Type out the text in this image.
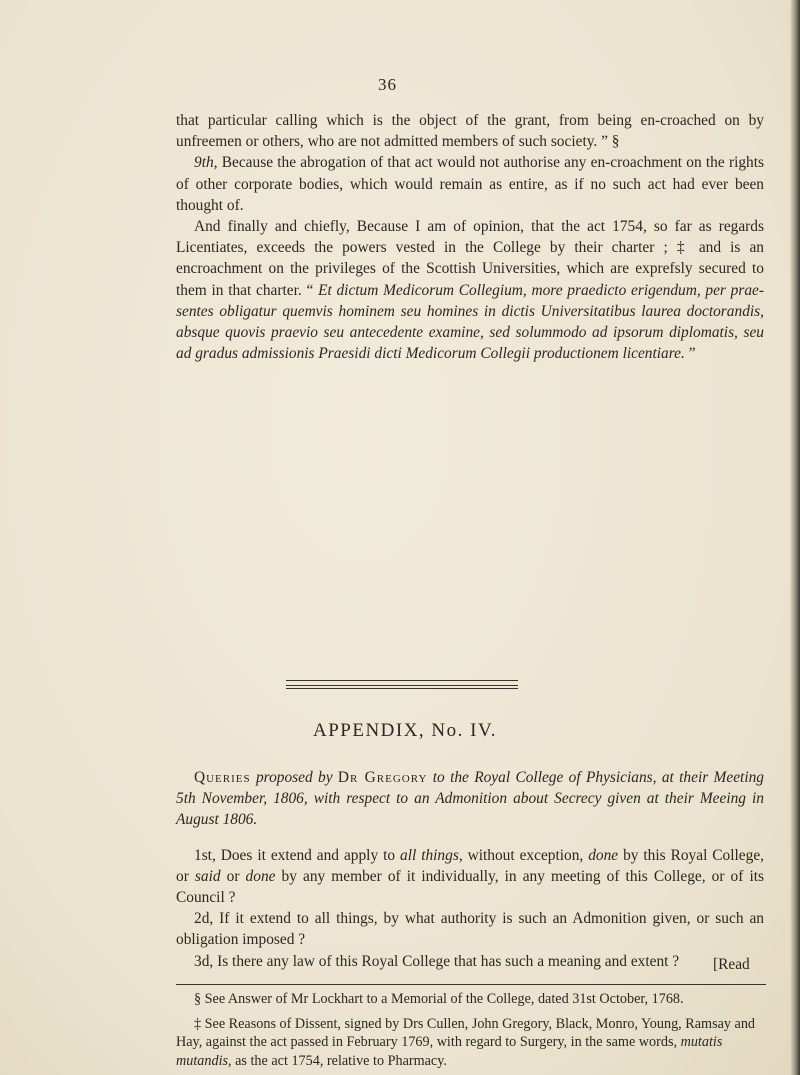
36

that particular calling which is the object of the grant, from being en-croached on by unfreemen or others, who are not admitted members of such society. ” §

9th, Because the abrogation of that act would not authorise any en-croachment on the rights of other corporate bodies, which would remain as entire, as if no such act had ever been thought of.

And finally and chiefly, Because I am of opinion, that the act 1754, so far as regards Licentiates, exceeds the powers vested in the College by their charter ; ‡ and is an encroachment on the privileges of the Scottish Universities, which are exprefsly secured to them in that charter. “ Et dictum Medicorum Collegium, more praedicto erigendum, per prae-sentes obligatur quemvis hominem seu homines in dictis Universitatibus laurea doctorandis, absque quovis praevio seu antecedente examine, sed solummodo ad ipsorum diplomatis, seu ad gradus admissionis Praesidi dicti Medicorum Collegii productionem licentiare. ”

APPENDIX, No. IV.

Queries proposed by Dr Gregory to the Royal College of Physicians, at their Meeting 5th November, 1806, with respect to an Admonition about Secrecy given at their Meeing in August 1806.

1st, Does it extend and apply to all things, without exception, done by this Royal College, or said or done by any member of it individually, in any meeting of this College, or of its Council ?

2d, If it extend to all things, by what authority is such an Admonition given, or such an obligation imposed ?

3d, Is there any law of this Royal College that has such a meaning and extent ?	[Read

§ See Answer of Mr Lockhart to a Memorial of the College, dated 31st October, 1768.

‡ See Reasons of Dissent, signed by Drs Cullen, John Gregory, Black, Monro, Young, Ramsay and Hay, against the act passed in February 1769, with regard to Surgery, in the same words, mutatis mutandis, as the act 1754, relative to Pharmacy.
